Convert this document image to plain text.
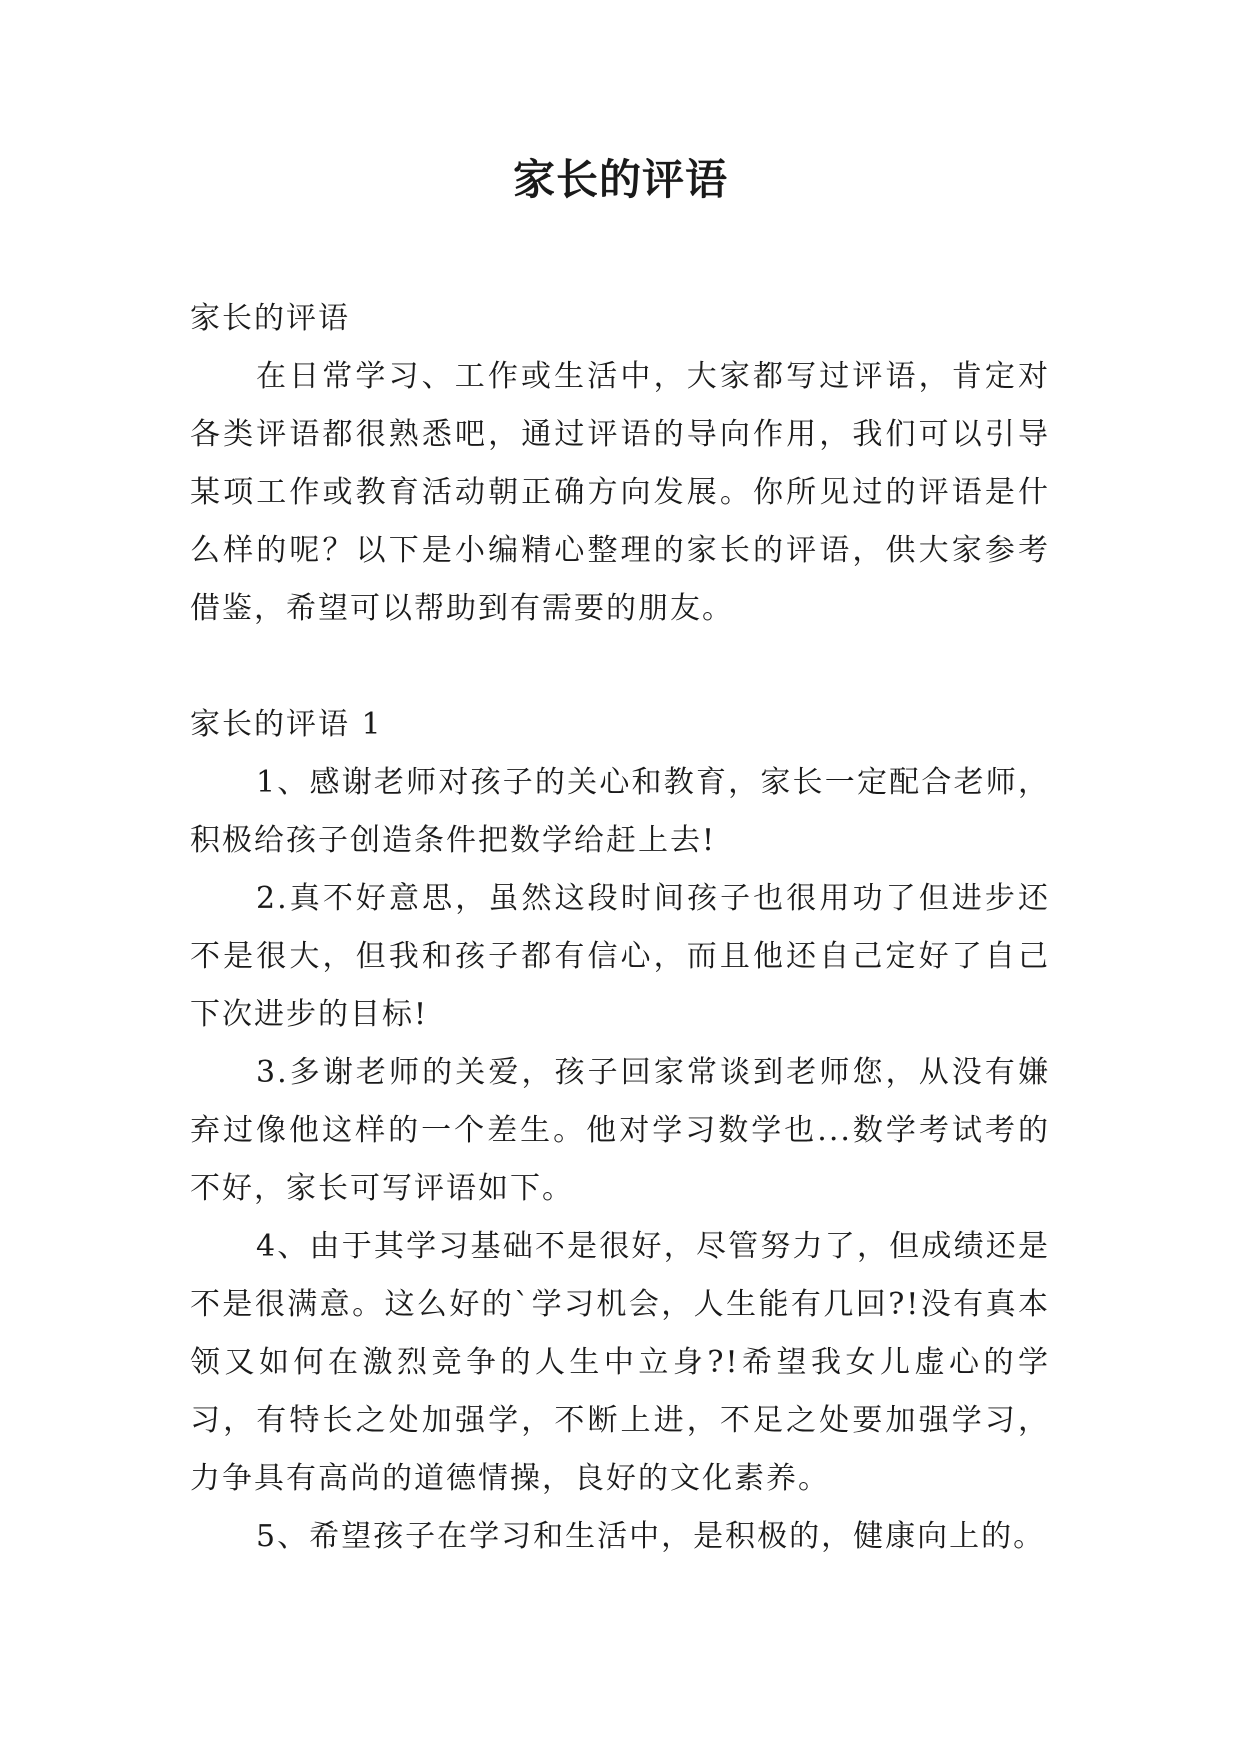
家长的评语

家长的评语

在日常学习、工作或生活中，大家都写过评语，肯定对各类评语都很熟悉吧，通过评语的导向作用，我们可以引导某项工作或教育活动朝正确方向发展。你所见过的评语是什么样的呢？以下是小编精心整理的家长的评语，供大家参考借鉴，希望可以帮助到有需要的朋友。

家长的评语 1

1、感谢老师对孩子的关心和教育，家长一定配合老师，积极给孩子创造条件把数学给赶上去!

2.真不好意思，虽然这段时间孩子也很用功了但进步还不是很大，但我和孩子都有信心，而且他还自己定好了自己下次进步的目标!

3.多谢老师的关爱，孩子回家常谈到老师您，从没有嫌弃过像他这样的一个差生。他对学习数学也...数学考试考的不好，家长可写评语如下。

4、由于其学习基础不是很好，尽管努力了，但成绩还是不是很满意。这么好的`学习机会，人生能有几回?!没有真本领又如何在激烈竞争的人生中立身?!希望我女儿虚心的学习，有特长之处加强学，不断上进，不足之处要加强学习，力争具有高尚的道德情操，良好的文化素养。

5、希望孩子在学习和生活中，是积极的，健康向上的。
